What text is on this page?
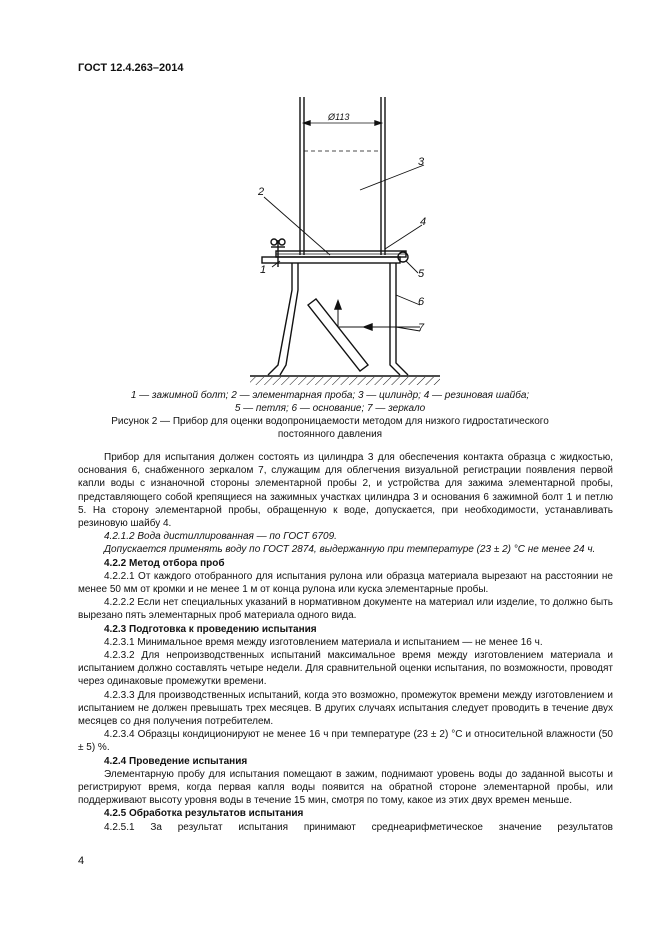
ГОСТ 12.4.263–2014
Ø113
1
2
3
4
5
6
7
1 — зажимной болт; 2 — элементарная проба; 3 — цилиндр; 4 — резиновая шайба;
5 — петля; 6 — основание; 7 — зеркало
Рисунок 2 — Прибор для оценки водопроницаемости методом для низкого гидростатического
постоянного давления

Прибор для испытания должен состоять из цилиндра 3 для обеспечения контакта образца с жидкостью, основания 6, снабженного зеркалом 7, служащим для облегчения визуальной регистрации появления первой капли воды с изнаночной стороны элементарной пробы 2, и устройства для зажима элементарной пробы, представляющего собой крепящиеся на зажимных участках цилиндра 3 и основания 6 зажимной болт 1 и петлю 5. На сторону элементарной пробы, обращенную к воде, допускается, при необходимости, устанавливать резиновую шайбу 4.

4.2.1.2 Вода дистиллированная — по ГОСТ 6709.

Допускается применять воду по ГОСТ 2874, выдержанную при температуре (23 ± 2) °С не менее 24 ч.

4.2.2 Метод отбора проб

4.2.2.1 От каждого отобранного для испытания рулона или образца материала вырезают на расстоянии не менее 50 мм от кромки и не менее 1 м от конца рулона или куска элементарные пробы.

4.2.2.2 Если нет специальных указаний в нормативном документе на материал или изделие, то должно быть вырезано пять элементарных проб материала одного вида.

4.2.3 Подготовка к проведению испытания

4.2.3.1 Минимальное время между изготовлением материала и испытанием — не менее 16 ч.

4.2.3.2 Для непроизводственных испытаний максимальное время между изготовлением материала и испытанием должно составлять четыре недели. Для сравнительной оценки испытания, по возможности, проводят через одинаковые промежутки времени.

4.2.3.3 Для производственных испытаний, когда это возможно, промежуток времени между изготовлением и испытанием не должен превышать трех месяцев. В других случаях испытания следует проводить в течение двух месяцев со дня получения потребителем.

4.2.3.4 Образцы кондиционируют не менее 16 ч при температуре (23 ± 2) °С и относительной влажности (50 ± 5) %.

4.2.4 Проведение испытания

Элементарную пробу для испытания помещают в зажим, поднимают уровень воды до заданной высоты и регистрируют время, когда первая капля воды появится на обратной стороне элементарной пробы, или поддерживают высоту уровня воды в течение 15 мин, смотря по тому, какое из этих двух времен меньше.

4.2.5 Обработка результатов испытания

4.2.5.1 За результат испытания принимают среднеарифметическое значение результатов

4
